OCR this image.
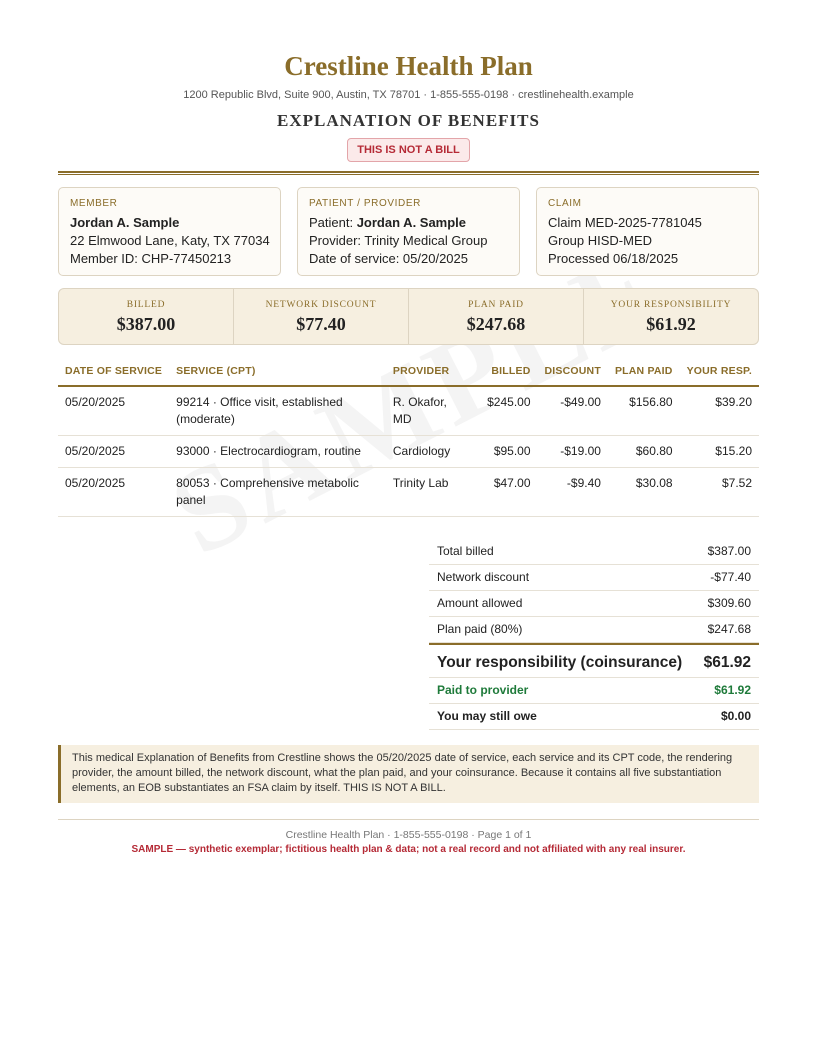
Crestline Health Plan
1200 Republic Blvd, Suite 900, Austin, TX 78701 · 1-855-555-0198 · crestlinehealth.example
EXPLANATION OF BENEFITS
THIS IS NOT A BILL
MEMBER
Jordan A. Sample
22 Elmwood Lane, Katy, TX 77034
Member ID: CHP-77450213
PATIENT / PROVIDER
Patient: Jordan A. Sample
Provider: Trinity Medical Group
Date of service: 05/20/2025
CLAIM
Claim MED-2025-7781045
Group HISD-MED
Processed 06/18/2025
BILLED
$387.00
NETWORK DISCOUNT
$77.40
PLAN PAID
$247.68
YOUR RESPONSIBILITY
$61.92
DATE OF SERVICE	SERVICE (CPT)	PROVIDER	BILLED	DISCOUNT	PLAN PAID	YOUR RESP.
05/20/2025	99214 · Office visit, established (moderate)	R. Okafor, MD	$245.00	-$49.00	$156.80	$39.20
05/20/2025	93000 · Electrocardiogram, routine	Cardiology	$95.00	-$19.00	$60.80	$15.20
05/20/2025	80053 · Comprehensive metabolic panel	Trinity Lab	$47.00	-$9.40	$30.08	$7.52
Total billed	$387.00
Network discount	-$77.40
Amount allowed	$309.60
Plan paid (80%)	$247.68
Your responsibility (coinsurance) $61.92
Paid to provider	$61.92
You may still owe	$0.00
This medical Explanation of Benefits from Crestline shows the 05/20/2025 date of service, each service and its CPT code, the rendering provider, the amount billed, the network discount, what the plan paid, and your coinsurance. Because it contains all five substantiation elements, an EOB substantiates an FSA claim by itself. THIS IS NOT A BILL.
Crestline Health Plan · 1-855-555-0198 · Page 1 of 1
SAMPLE — synthetic exemplar; fictitious health plan & data; not a real record and not affiliated with any real insurer.
